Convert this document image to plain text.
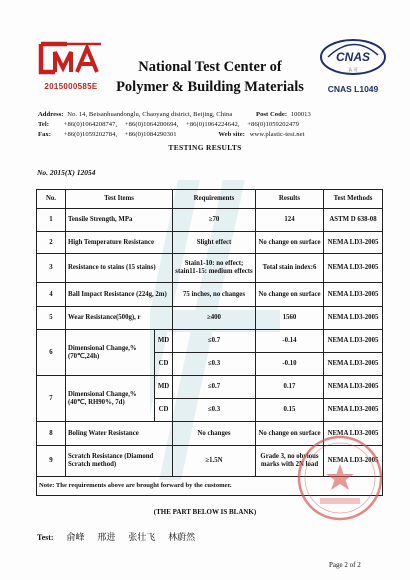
2015000585E
CNAS
认 可
CNAS L1049
National Test Center of
Polymer & Building Materials
Address: No. 14, Beisanhuandonglu, Chaoyang district, Beijing, China	Post Code: 100013
Tel: +86(0)1064208747, +86(0)1064200694, +86(0)1064224642, +86(0)1059202479
Fax: +86(0)1059202784, +86(0)1084290301	Web site: www.plastic-test.net
TESTING RESULTS
No. 2015(X) 12054
No.	Test Items		Requirements	Results	Test Methods
1	Tensile Strength, MPa		≥70	124	ASTM D 638-08
2	High Temperature Resistance		Slight effect	No change on surface	NEMA LD3-2005
3	Resistance to stains (15 stains)		Stain1-10: no effect; stain11-15: medium effects	Total stain index:6	NEMA LD3-2005
4	Ball Impact Resistance (224g, 2m)		75 inches, no changes	No change on surface	NEMA LD3-2005
5	Wear Resistance(500g), r		≥400	1560	NEMA LD3-2005
6	Dimensional Change,%(70℃,24h)	MD	≤0.7	-0.14	NEMA LD3-2005
		CD	≤0.3	-0.10	NEMA LD3-2005
7	Dimensional Change,% (40℃, RH90%, 7d)	MD	≤0.7	0.17	NEMA LD3-2005
		CD	≤0.3	0.15	NEMA LD3-2005
8	Boling Water Resistance		No changes	No change on surface	NEMA LD3-2005
9	Scratch Resistance (Diamond Scratch method)		≥1.5N	Grade 3, no obvious marks with 2N load	NEMA LD3-2005
Note: The requirements above are brought forward by the customer.					
(THE PART BELOW IS BLANK)
Test: 俞峰 邢进 张壮飞 林蔚然
Page 2 of 2
